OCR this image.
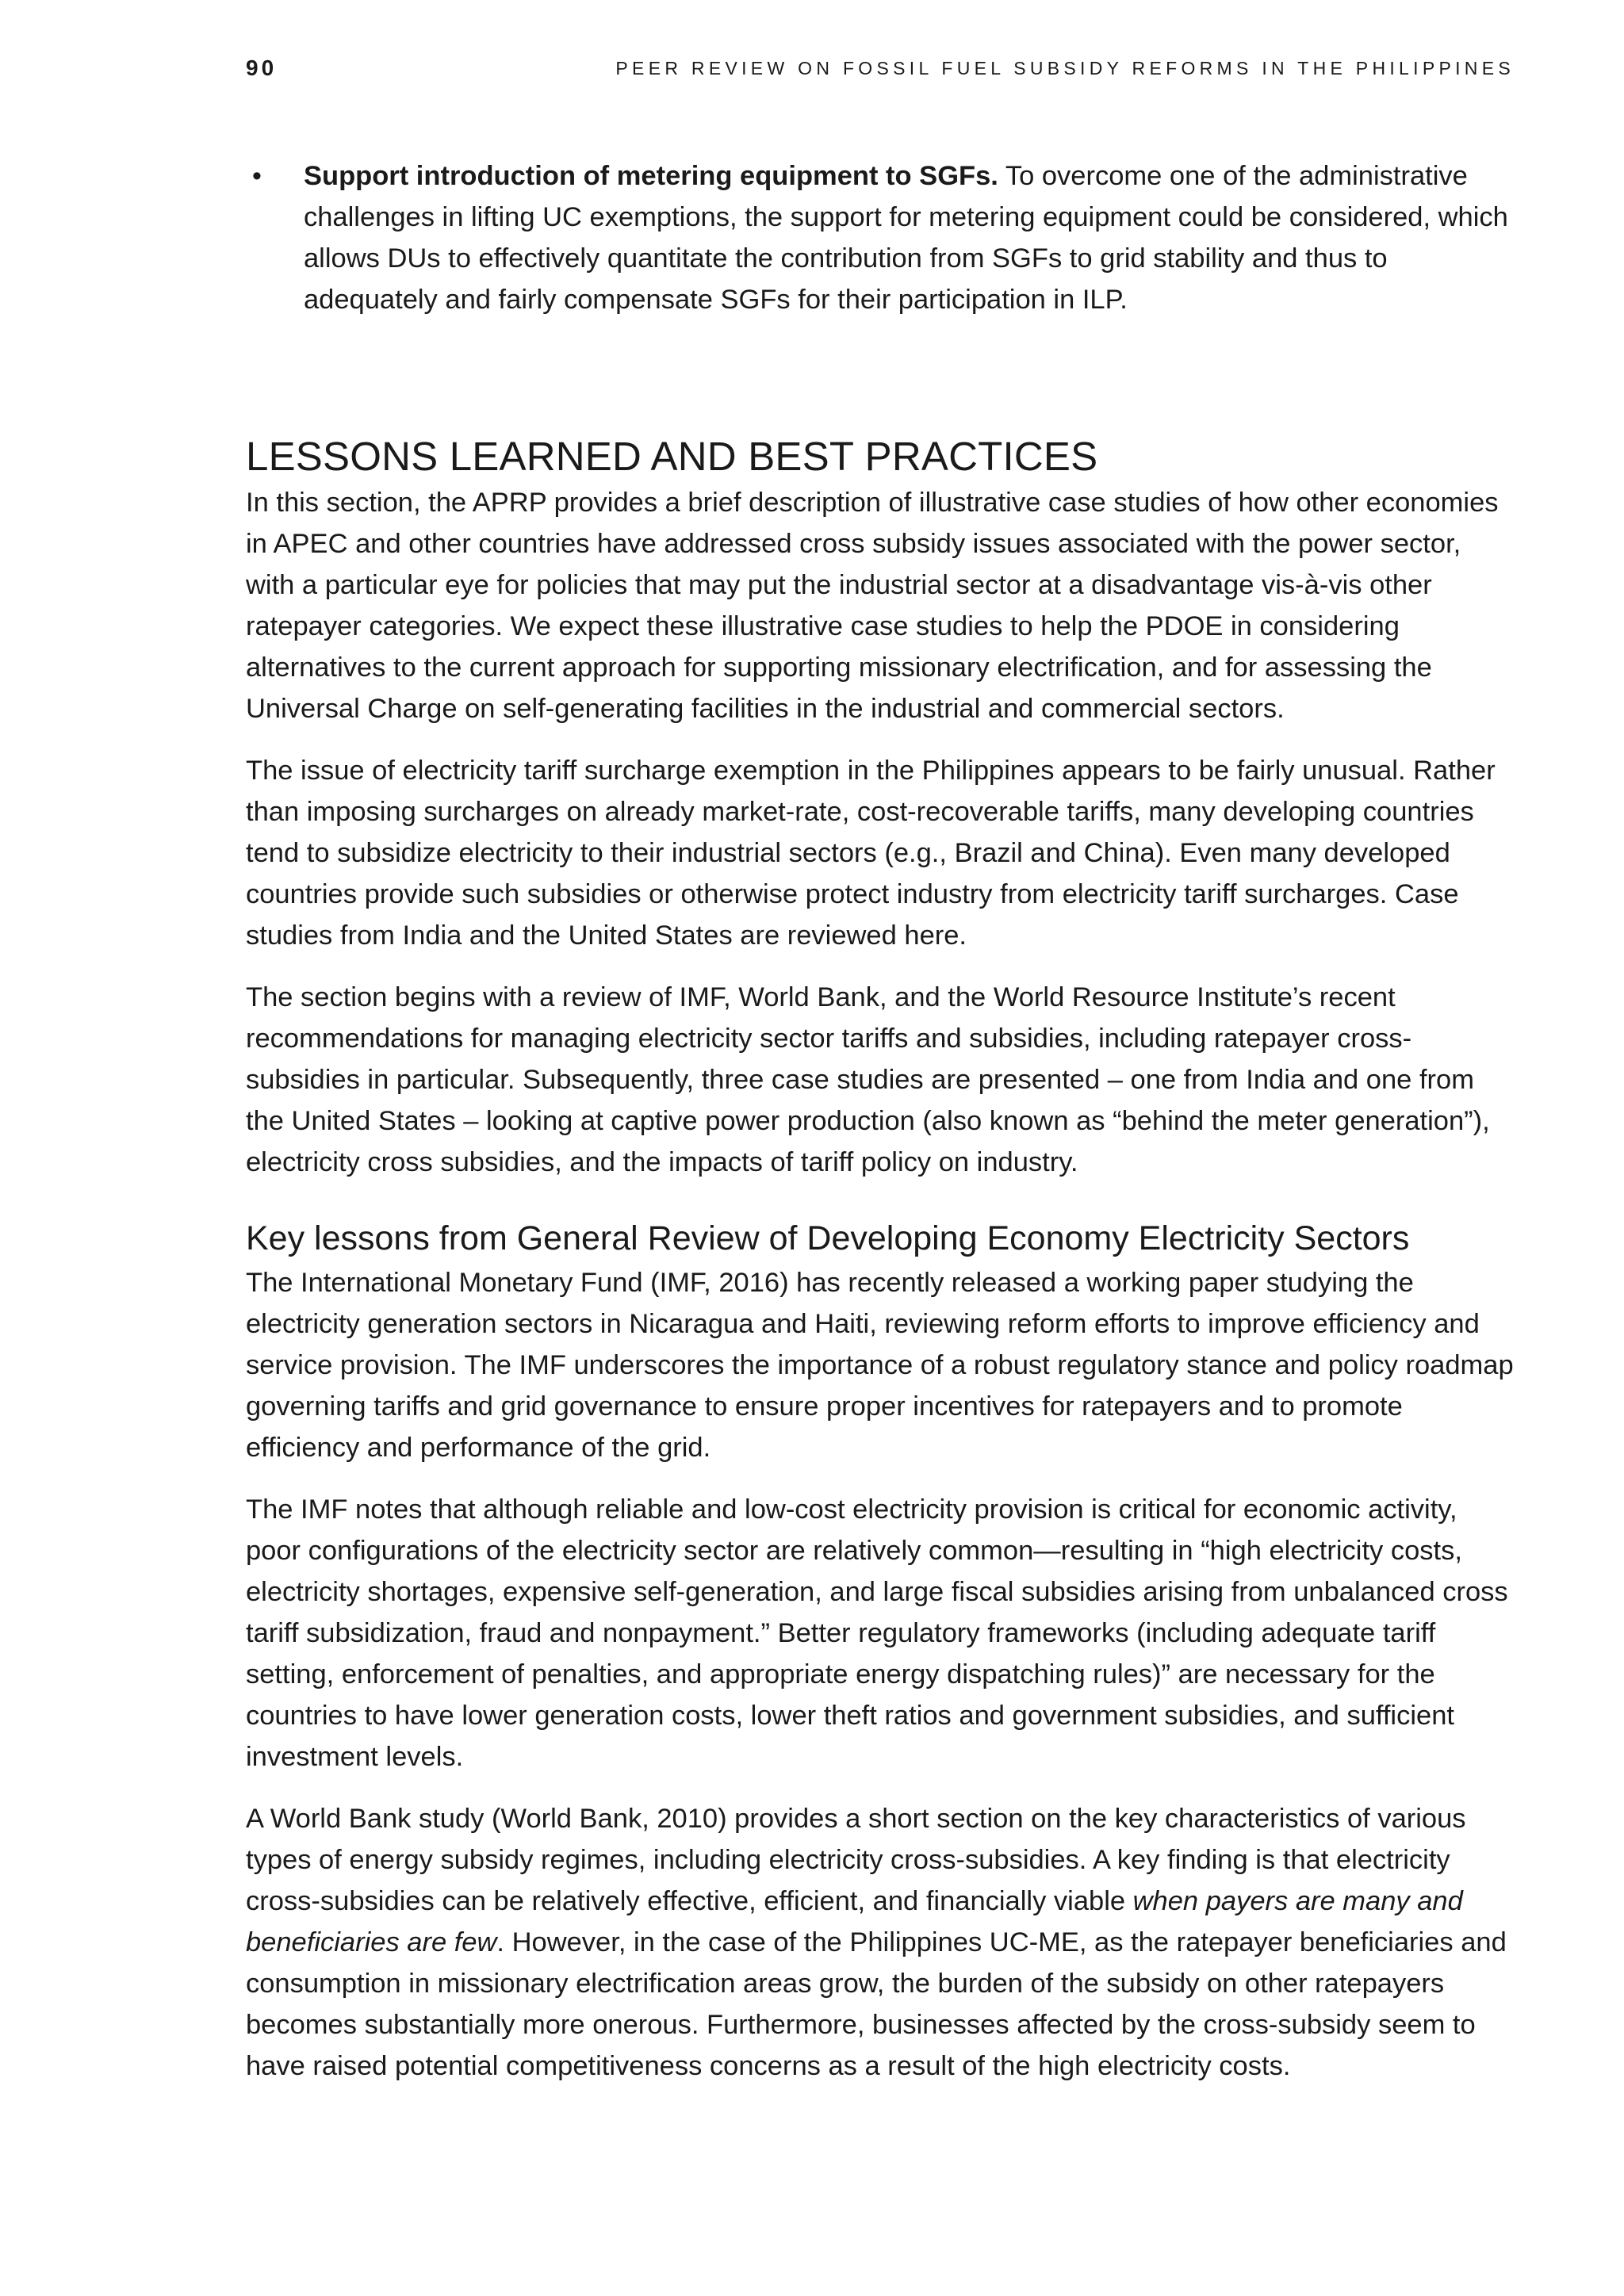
90	PEER REVIEW ON FOSSIL FUEL SUBSIDY REFORMS IN THE PHILIPPINES
• Support introduction of metering equipment to SGFs. To overcome one of the administrative challenges in lifting UC exemptions, the support for metering equipment could be considered, which allows DUs to effectively quantitate the contribution from SGFs to grid stability and thus to adequately and fairly compensate SGFs for their participation in ILP.
LESSONS LEARNED AND BEST PRACTICES

In this section, the APRP provides a brief description of illustrative case studies of how other economies in APEC and other countries have addressed cross subsidy issues associated with the power sector, with a particular eye for policies that may put the industrial sector at a disadvantage vis-à-vis other ratepayer categories. We expect these illustrative case studies to help the PDOE in considering alternatives to the current approach for supporting missionary electrification, and for assessing the Universal Charge on self-generating facilities in the industrial and commercial sectors.

The issue of electricity tariff surcharge exemption in the Philippines appears to be fairly unusual. Rather than imposing surcharges on already market-rate, cost-recoverable tariffs, many developing countries tend to subsidize electricity to their industrial sectors (e.g., Brazil and China). Even many developed countries provide such subsidies or otherwise protect industry from electricity tariff surcharges. Case studies from India and the United States are reviewed here.

The section begins with a review of IMF, World Bank, and the World Resource Institute’s recent recommendations for managing electricity sector tariffs and subsidies, including ratepayer cross-subsidies in particular. Subsequently, three case studies are presented – one from India and one from the United States – looking at captive power production (also known as “behind the meter generation”), electricity cross subsidies, and the impacts of tariff policy on industry.

Key lessons from General Review of Developing Economy Electricity Sectors

The International Monetary Fund (IMF, 2016) has recently released a working paper studying the electricity generation sectors in Nicaragua and Haiti, reviewing reform efforts to improve efficiency and service provision. The IMF underscores the importance of a robust regulatory stance and policy roadmap governing tariffs and grid governance to ensure proper incentives for ratepayers and to promote efficiency and performance of the grid.

The IMF notes that although reliable and low-cost electricity provision is critical for economic activity, poor configurations of the electricity sector are relatively common—resulting in “high electricity costs, electricity shortages, expensive self-generation, and large fiscal subsidies arising from unbalanced cross tariff subsidization, fraud and nonpayment.” Better regulatory frameworks (including adequate tariff setting, enforcement of penalties, and appropriate energy dispatching rules)” are necessary for the countries to have lower generation costs, lower theft ratios and government subsidies, and sufficient investment levels.

A World Bank study (World Bank, 2010) provides a short section on the key characteristics of various types of energy subsidy regimes, including electricity cross-subsidies. A key finding is that electricity cross-subsidies can be relatively effective, efficient, and financially viable when payers are many and beneficiaries are few. However, in the case of the Philippines UC-ME, as the ratepayer beneficiaries and consumption in missionary electrification areas grow, the burden of the subsidy on other ratepayers becomes substantially more onerous. Furthermore, businesses affected by the cross-subsidy seem to have raised potential competitiveness concerns as a result of the high electricity costs.
